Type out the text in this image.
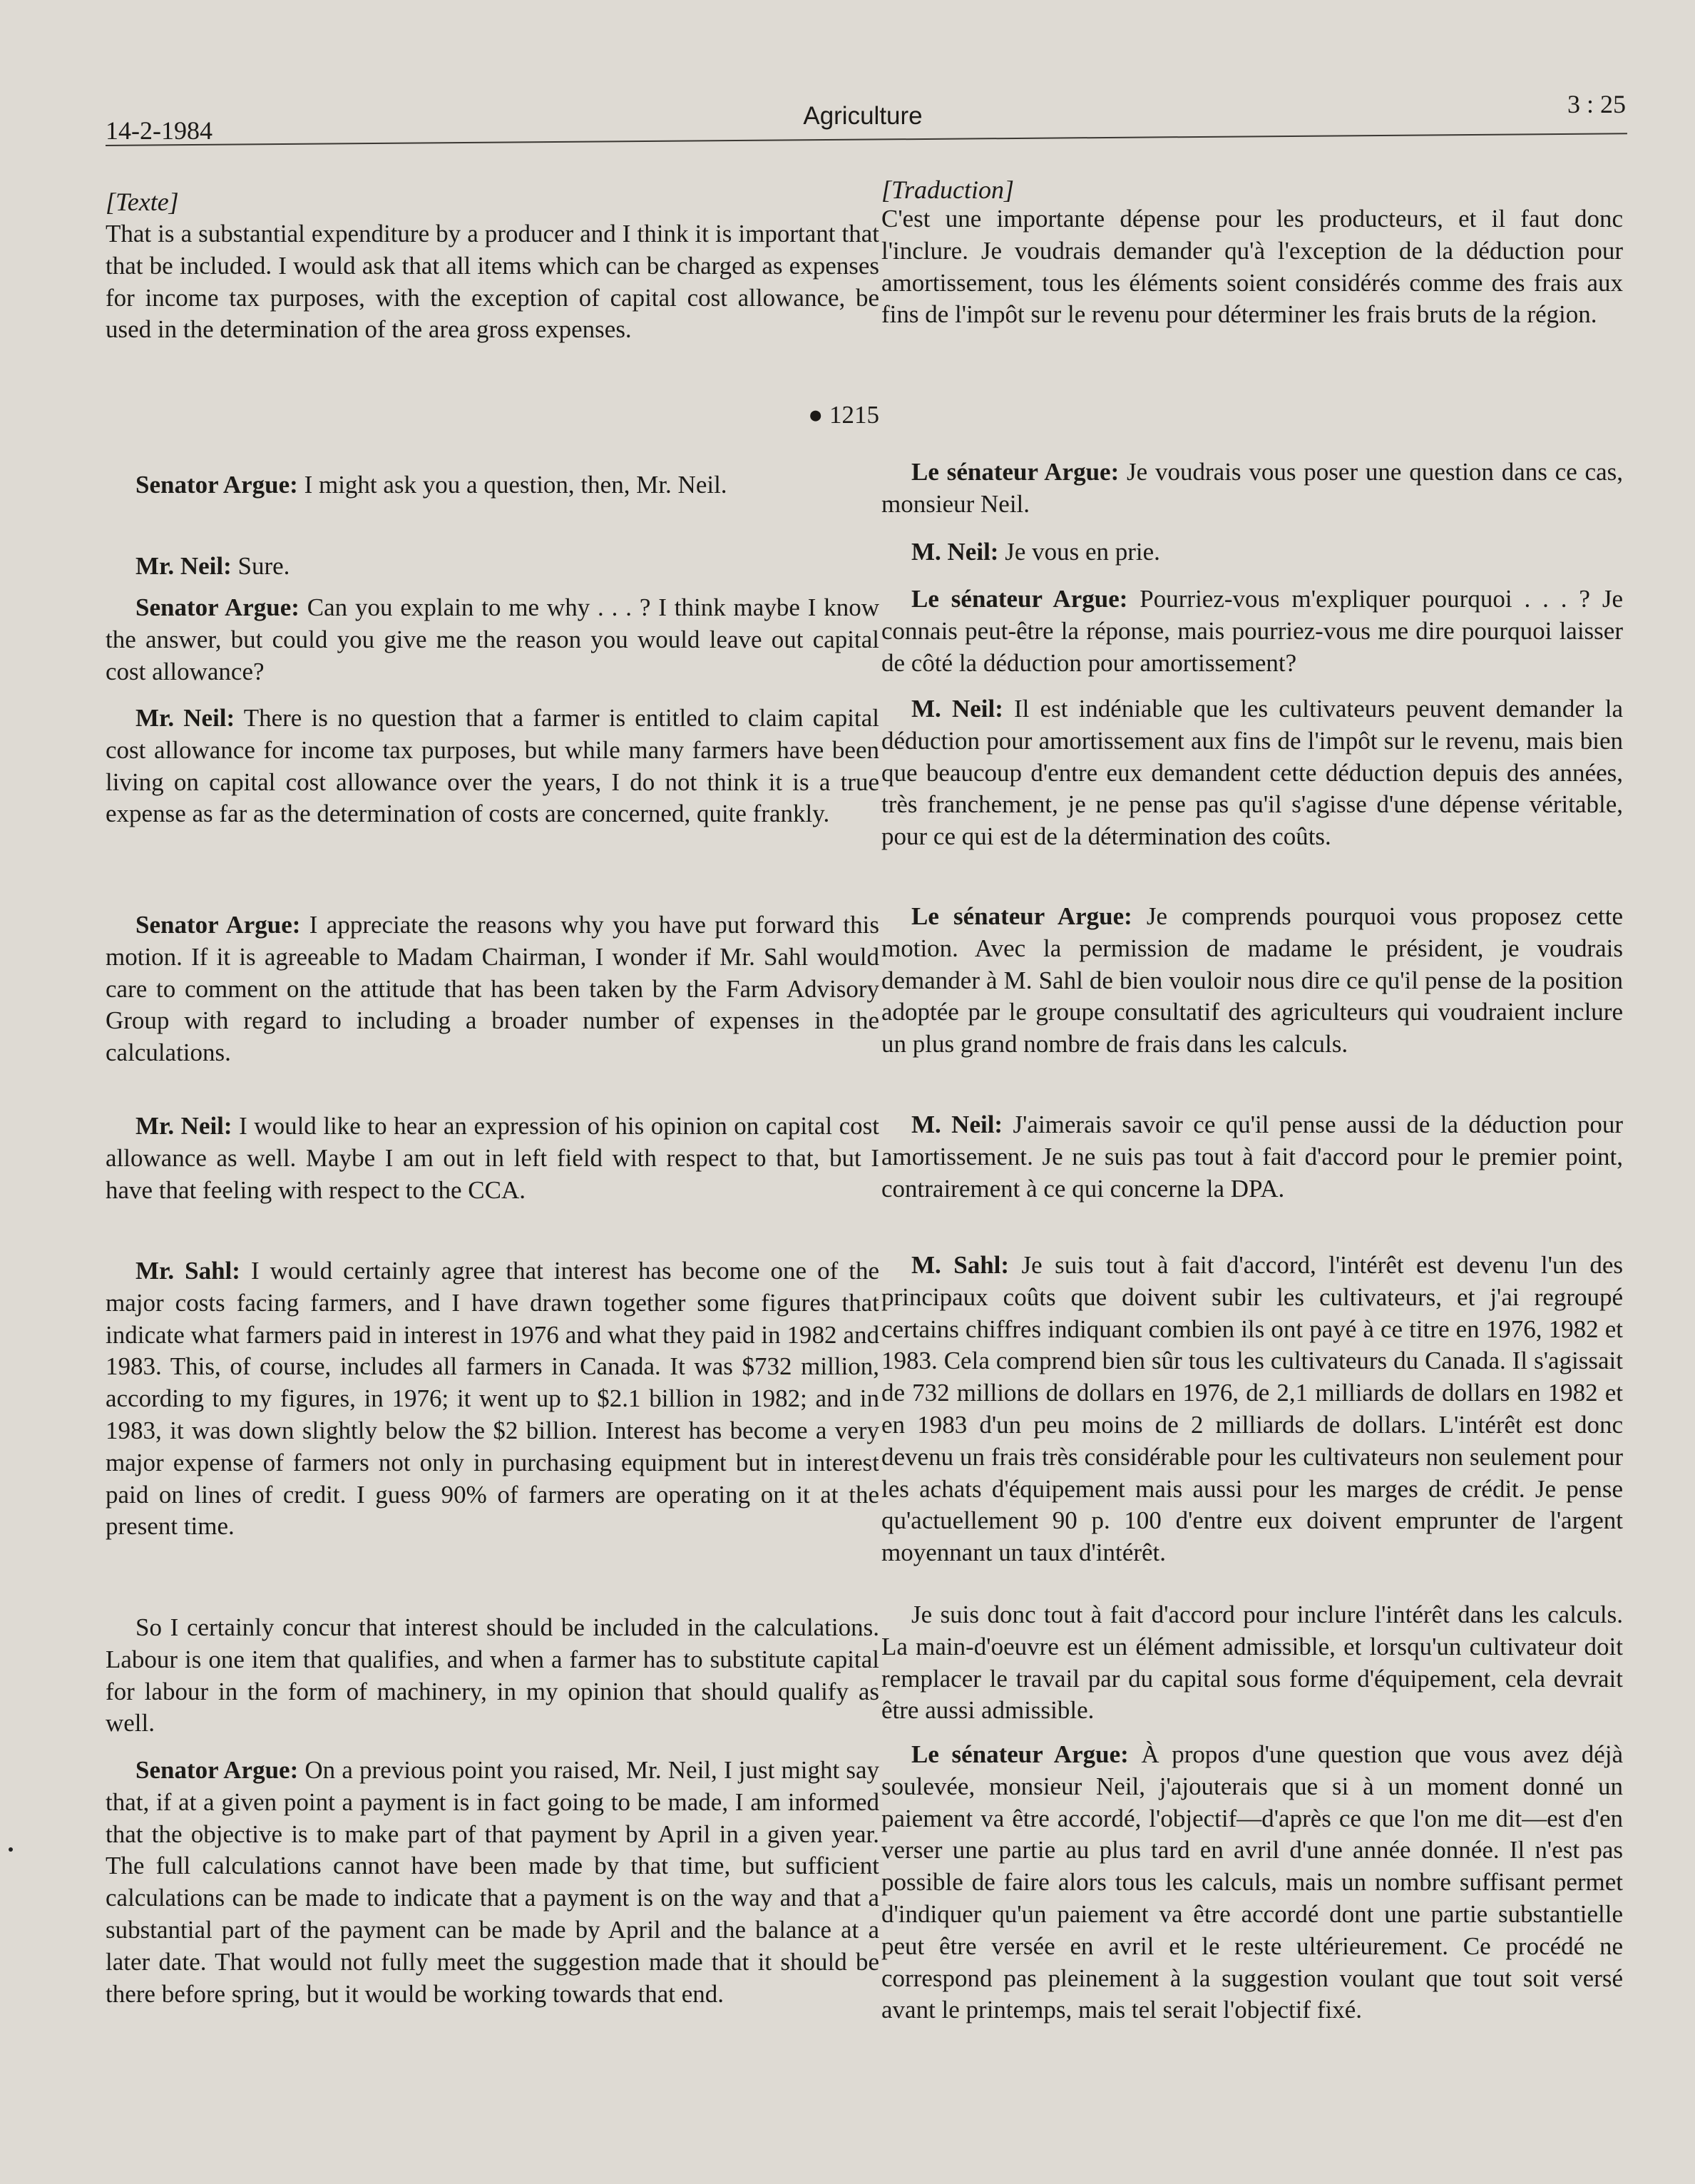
14-2-1984
Agriculture	3 : 25

[Texte]

That is a substantial expenditure by a producer and I think it is important that that be included. I would ask that all items which can be charged as expenses for income tax purposes, with the exception of capital cost allowance, be used in the determination of the area gross expenses.

● 1215

Senator Argue: I might ask you a question, then, Mr. Neil.

Mr. Neil: Sure.

Senator Argue: Can you explain to me why . . . ? I think maybe I know the answer, but could you give me the reason you would leave out capital cost allowance?

Mr. Neil: There is no question that a farmer is entitled to claim capital cost allowance for income tax purposes, but while many farmers have been living on capital cost allowance over the years, I do not think it is a true expense as far as the determination of costs are concerned, quite frankly.

Senator Argue: I appreciate the reasons why you have put forward this motion. If it is agreeable to Madam Chairman, I wonder if Mr. Sahl would care to comment on the attitude that has been taken by the Farm Advisory Group with regard to including a broader number of expenses in the calculations.

Mr. Neil: I would like to hear an expression of his opinion on capital cost allowance as well. Maybe I am out in left field with respect to that, but I have that feeling with respect to the CCA.

Mr. Sahl: I would certainly agree that interest has become one of the major costs facing farmers, and I have drawn together some figures that indicate what farmers paid in interest in 1976 and what they paid in 1982 and 1983. This, of course, includes all farmers in Canada. It was $732 million, according to my figures, in 1976; it went up to $2.1 billion in 1982; and in 1983, it was down slightly below the $2 billion. Interest has become a very major expense of farmers not only in purchasing equipment but in interest paid on lines of credit. I guess 90% of farmers are operating on it at the present time.

So I certainly concur that interest should be included in the calculations. Labour is one item that qualifies, and when a farmer has to substitute capital for labour in the form of machinery, in my opinion that should qualify as well.

Senator Argue: On a previous point you raised, Mr. Neil, I just might say that, if at a given point a payment is in fact going to be made, I am informed that the objective is to make part of that payment by April in a given year. The full calculations cannot have been made by that time, but sufficient calculations can be made to indicate that a payment is on the way and that a substantial part of the payment can be made by April and the balance at a later date. That would not fully meet the suggestion made that it should be there before spring, but it would be working towards that end.

[Traduction]

C'est une importante dépense pour les producteurs, et il faut donc l'inclure. Je voudrais demander qu'à l'exception de la déduction pour amortissement, tous les éléments soient considérés comme des frais aux fins de l'impôt sur le revenu pour déterminer les frais bruts de la région.

Le sénateur Argue: Je voudrais vous poser une question dans ce cas, monsieur Neil.

M. Neil: Je vous en prie.

Le sénateur Argue: Pourriez-vous m'expliquer pourquoi . . . ? Je connais peut-être la réponse, mais pourriez-vous me dire pourquoi laisser de côté la déduction pour amortissement?

M. Neil: Il est indéniable que les cultivateurs peuvent demander la déduction pour amortissement aux fins de l'impôt sur le revenu, mais bien que beaucoup d'entre eux demandent cette déduction depuis des années, très franchement, je ne pense pas qu'il s'agisse d'une dépense véritable, pour ce qui est de la détermination des coûts.

Le sénateur Argue: Je comprends pourquoi vous proposez cette motion. Avec la permission de madame le président, je voudrais demander à M. Sahl de bien vouloir nous dire ce qu'il pense de la position adoptée par le groupe consultatif des agriculteurs qui voudraient inclure un plus grand nombre de frais dans les calculs.

M. Neil: J'aimerais savoir ce qu'il pense aussi de la déduction pour amortissement. Je ne suis pas tout à fait d'accord pour le premier point, contrairement à ce qui concerne la DPA.

M. Sahl: Je suis tout à fait d'accord, l'intérêt est devenu l'un des principaux coûts que doivent subir les cultivateurs, et j'ai regroupé certains chiffres indiquant combien ils ont payé à ce titre en 1976, 1982 et 1983. Cela comprend bien sûr tous les cultivateurs du Canada. Il s'agissait de 732 millions de dollars en 1976, de 2,1 milliards de dollars en 1982 et en 1983 d'un peu moins de 2 milliards de dollars. L'intérêt est donc devenu un frais très considérable pour les cultivateurs non seulement pour les achats d'équipement mais aussi pour les marges de crédit. Je pense qu'actuellement 90 p. 100 d'entre eux doivent emprunter de l'argent moyennant un taux d'intérêt.

Je suis donc tout à fait d'accord pour inclure l'intérêt dans les calculs. La main-d'oeuvre est un élément admissible, et lorsqu'un cultivateur doit remplacer le travail par du capital sous forme d'équipement, cela devrait être aussi admissible.

Le sénateur Argue: À propos d'une question que vous avez déjà soulevée, monsieur Neil, j'ajouterais que si à un moment donné un paiement va être accordé, l'objectif—d'après ce que l'on me dit—est d'en verser une partie au plus tard en avril d'une année donnée. Il n'est pas possible de faire alors tous les calculs, mais un nombre suffisant permet d'indiquer qu'un paiement va être accordé dont une partie substantielle peut être versée en avril et le reste ultérieurement. Ce procédé ne correspond pas pleinement à la suggestion voulant que tout soit versé avant le printemps, mais tel serait l'objectif fixé.
